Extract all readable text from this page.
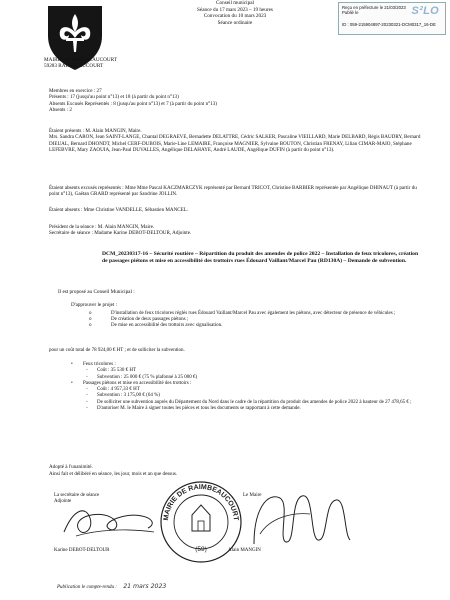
Conseil municipal
Séance du 17 mars 2023 – 19 heures
Convocation du 10 mars 2023
Séance ordinaire
Reçu en préfecture le 21/03/2023
Publié le
ID : 059-215904897-20230321-DCM0317_16-DE
S²LO
MAIRIE DE RAIMBEAUCOURT
59283 RAIMBEAUCOURT

Membres en exercice : 27

Présents : 17 (jusqu'au point n°13) et 18 (à partir du point n°13)

Absents Excusés Représentés : 8 (jusqu'au point n°13) et 7 (à partir du point n°13)

Absents : 2

Étaient présents : M. Alain MANGIN, Maire.

Mrs. Sandra CARON, Jean SAINT-LANGE, Chantal DEGRAEVE, Bernadette DELATTRE, Cédric SALKER, Pascaline VIEILLARD, Marie DELBARD, Régis BAUDRY, Bernard DIEUAL, Bernard DHONDT, Michel CERF-DUBOIS, Marie-Line LEMAIRE, Françoise MAGNIER, Sylvaine BOUTON, Christian FRENAY, Lilian CIMAR-MAIO, Stéphane LEFEBVRE, Mary ZAOUIA, Jean-Paul DUVALLES, Angélique DELAHAYE, André LAUDE, Angélique DUFIN (à partir du point n°13).

Étaient absents excusés représentés : Mme Mme Pascal KACZMARCZYK représenté par Bernard TRICOT, Christine BARBIER représentée par Angélique DHINAUT (à partir du point n°13), Gaëtan GRARD représenté par Sandrine JOLLIN.

Étaient absents : Mme Christine VANDELLE, Sébastien MANCEL.

Président de la séance : M. Alain MANGIN, Maire.

Secrétaire de séance : Madame Karine DEBOT-DELTOUR, Adjointe.

DCM_20230317-16 – Sécurité routière – Répartition du produit des amendes de police 2022 – Installation de feux tricolores, création de passages piétons et mise en accessibilité des trottoirs rues Édouard Vaillant/Marcel Pau (RD130A) – Demande de subvention.
Il est proposé au Conseil Municipal :
D'approuver le projet :
o	D'installation de feux tricolores réglés rues Édouard Vaillant/Marcel Pau avec également les piétons, avec détecteur de présence de véhicules ;
o	De création de deux passages piétons ;
o	De mise en accessibilité des trottoirs avec signalisation.
pour un coût total de 78 924,00 € HT ; et de solliciter la subvention.
• Feux tricolores :
◦ Coût : 35 530 € HT
◦ Subvention : 25 000 € (75 % plafonné à 25 000 €)
• Passages piétons et mise en accessibilité des trottoirs :
◦ Coût : 4 957,33 € HT
◦ Subvention : 3 175,00 € (64 %)
◦ De solliciter une subvention auprès du Département du Nord dans le cadre de la répartition du produit des amendes de police 2022 à hauteur de 27 478,65 € ;
◦ D'autoriser M. le Maire à signer toutes les pièces et tous les documents se rapportant à cette demande.
Adopté à l'unanimité.
Ainsi fait et délibéré en séance, les jour, mois et an que dessus.
La secrétaire de séance
Adjointe
Karine DEBOT-DELTOUR
MAIRIE DE RAIMBEAUCOURT
(59)
Le Maire
Alain MANGIN
Publication le compte-rendu : 21 mars 2023
